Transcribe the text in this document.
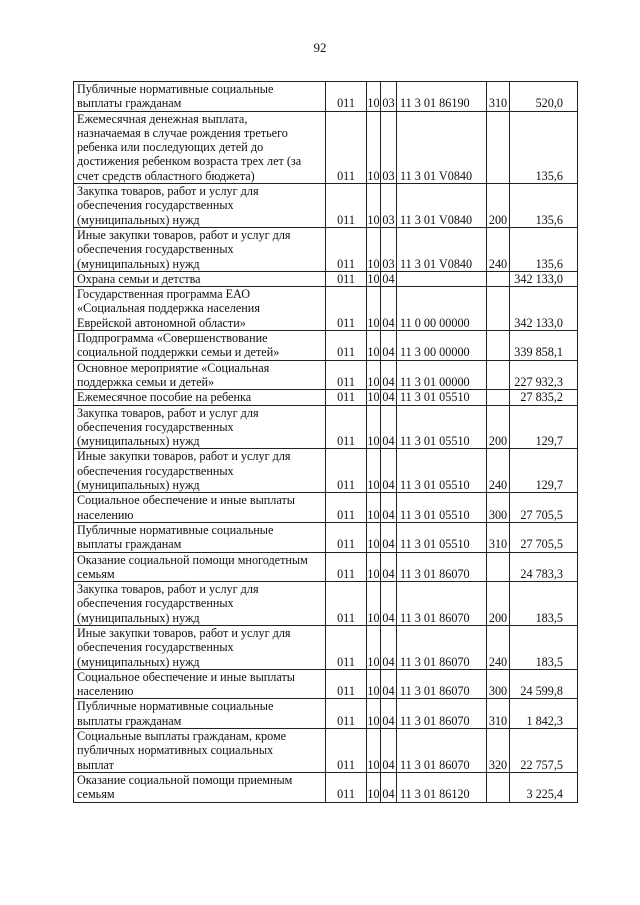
92
Публичные нормативные социальные
выплаты гражданам	011	10	03	11 3 01 86190	310	520,0

Ежемесячная денежная выплата,
назначаемая в случае рождения третьего
ребенка или последующих детей до
достижения ребенком возраста трех лет (за
счет средств областного бюджета)	011	10	03	11 3 01 V0840		135,6

Закупка товаров, работ и услуг для
обеспечения государственных
(муниципальных) нужд	011	10	03	11 3 01 V0840	200	135,6

Иные закупки товаров, работ и услуг для
обеспечения государственных
(муниципальных) нужд	011	10	03	11 3 01 V0840	240	135,6

Охрана семьи и детства	011	10	04			342 133,0

Государственная программа ЕАО
«Социальная поддержка населения
Еврейской автономной области»	011	10	04	11 0 00 00000		342 133,0

Подпрограмма «Совершенствование
социальной поддержки семьи и детей»	011	10	04	11 3 00 00000		339 858,1

Основное мероприятие «Социальная
поддержка семьи и детей»	011	10	04	11 3 01 00000		227 932,3

Ежемесячное пособие на ребенка	011	10	04	11 3 01 05510		27 835,2

Закупка товаров, работ и услуг для
обеспечения государственных
(муниципальных) нужд	011	10	04	11 3 01 05510	200	129,7

Иные закупки товаров, работ и услуг для
обеспечения государственных
(муниципальных) нужд	011	10	04	11 3 01 05510	240	129,7

Социальное обеспечение и иные выплаты
населению	011	10	04	11 3 01 05510	300	27 705,5

Публичные нормативные социальные
выплаты гражданам	011	10	04	11 3 01 05510	310	27 705,5

Оказание социальной помощи многодетным
семьям	011	10	04	11 3 01 86070		24 783,3

Закупка товаров, работ и услуг для
обеспечения государственных
(муниципальных) нужд	011	10	04	11 3 01 86070	200	183,5

Иные закупки товаров, работ и услуг для
обеспечения государственных
(муниципальных) нужд	011	10	04	11 3 01 86070	240	183,5

Социальное обеспечение и иные выплаты
населению	011	10	04	11 3 01 86070	300	24 599,8

Публичные нормативные социальные
выплаты гражданам	011	10	04	11 3 01 86070	310	1 842,3

Социальные выплаты гражданам, кроме
публичных нормативных социальных
выплат	011	10	04	11 3 01 86070	320	22 757,5

Оказание социальной помощи приемным
семьям	011	10	04	11 3 01 86120		3 225,4
